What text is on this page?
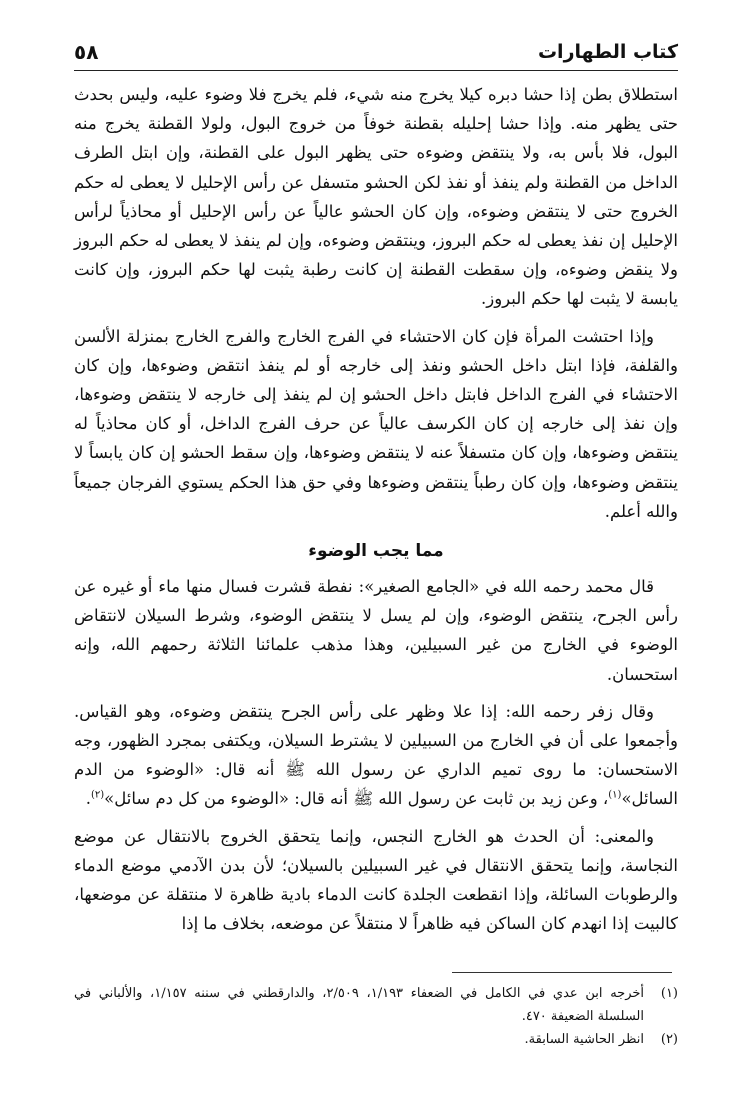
كتاب الطهارات
٥٨

استطلاق بطن إذا حشا دبره كيلا يخرج منه شيء، فلم يخرج فلا وضوء عليه، وليس بحدث حتى يظهر منه. وإذا حشا إحليله بقطنة خوفاً من خروج البول، ولولا القطنة يخرج منه البول، فلا بأس به، ولا ينتقض وضوءه حتى يظهر البول على القطنة، وإن ابتل الطرف الداخل من القطنة ولم ينفذ أو نفذ لكن الحشو متسفل عن رأس الإحليل لا يعطى له حكم الخروج حتى لا ينتقض وضوءه، وإن كان الحشو عالياً عن رأس الإحليل أو محاذياً لرأس الإحليل إن نفذ يعطى له حكم البروز، وينتقض وضوءه، وإن لم ينفذ لا يعطى له حكم البروز ولا ينقض وضوءه، وإن سقطت القطنة إن كانت رطبة يثبت لها حكم البروز، وإن كانت يابسة لا يثبت لها حكم البروز.

وإذا احتشت المرأة فإن كان الاحتشاء في الفرج الخارج والفرج الخارج بمنزلة الألسن والقلفة، فإذا ابتل داخل الحشو ونفذ إلى خارجه أو لم ينفذ انتقض وضوءها، وإن كان الاحتشاء في الفرج الداخل فابتل داخل الحشو إن لم ينفذ إلى خارجه لا ينتقض وضوءها، وإن نفذ إلى خارجه إن كان الكرسف عالياً عن حرف الفرج الداخل، أو كان محاذياً له ينتقض وضوءها، وإن كان متسفلاً عنه لا ينتقض وضوءها، وإن سقط الحشو إن كان يابساً لا ينتقض وضوءها، وإن كان رطباً ينتقض وضوءها وفي حق هذا الحكم يستوي الفرجان جميعاً والله أعلم.

مما يجب الوضوء

قال محمد رحمه الله في «الجامع الصغير»: نفطة قشرت فسال منها ماء أو غيره عن رأس الجرح، ينتقض الوضوء، وإن لم يسل لا ينتقض الوضوء، وشرط السيلان لانتقاض الوضوء في الخارج من غير السبيلين، وهذا مذهب علمائنا الثلاثة رحمهم الله، وإنه استحسان.

وقال زفر رحمه الله: إذا علا وظهر على رأس الجرح ينتقض وضوءه، وهو القياس. وأجمعوا على أن في الخارج من السبيلين لا يشترط السيلان، ويكتفى بمجرد الظهور، وجه الاستحسان: ما روى تميم الداري عن رسول الله ﷺ أنه قال: «الوضوء من الدم السائل»$^{(١)}$، وعن زيد بن ثابت عن رسول الله ﷺ أنه قال: «الوضوء من كل دم سائل»$^{(٢)}$.

والمعنى: أن الحدث هو الخارج النجس، وإنما يتحقق الخروج بالانتقال عن موضع النجاسة، وإنما يتحقق الانتقال في غير السبيلين بالسيلان؛ لأن بدن الآدمي موضع الدماء والرطوبات السائلة، وإذا انقطعت الجلدة كانت الدماء بادية ظاهرة لا منتقلة عن موضعها، كالبيت إذا انهدم كان الساكن فيه ظاهراً لا منتقلاً عن موضعه، بخلاف ما إذا

(١)
أخرجه ابن عدي في الكامل في الضعفاء ١/١٩٣، ٢/٥٠٩، والدارقطني في سننه ١/١٥٧، والألباني في السلسلة الضعيفة ٤٧٠.
(٢)
انظر الحاشية السابقة.
